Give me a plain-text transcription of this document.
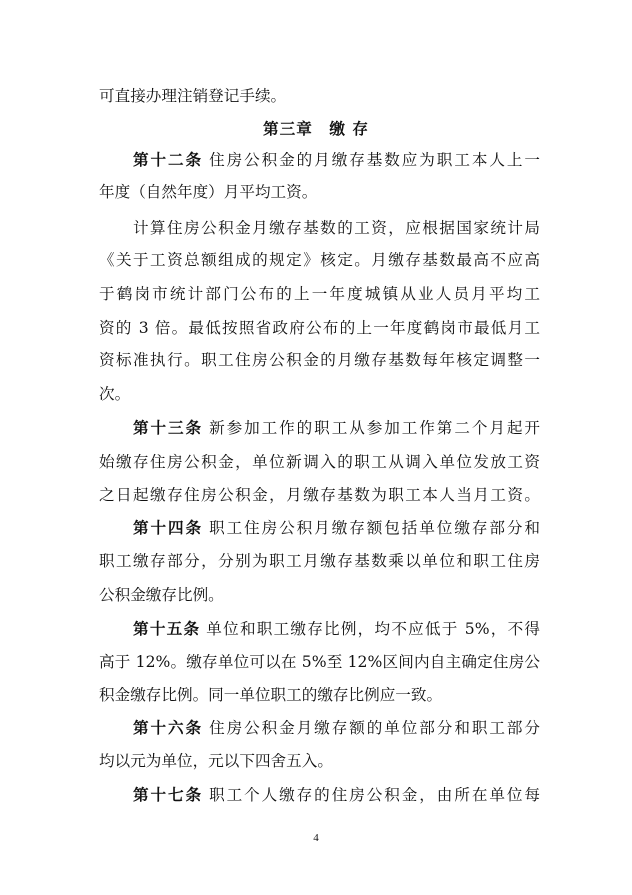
可直接办理注销登记手续。
第三章　缴 存
第十二条 住房公积金的月缴存基数应为职工本人上一
年度（自然年度）月平均工资。
计算住房公积金月缴存基数的工资，应根据国家统计局
《关于工资总额组成的规定》核定。月缴存基数最高不应高
于鹤岗市统计部门公布的上一年度城镇从业人员月平均工
资的 3 倍。最低按照省政府公布的上一年度鹤岗市最低月工
资标准执行。职工住房公积金的月缴存基数每年核定调整一
次。
第十三条 新参加工作的职工从参加工作第二个月起开
始缴存住房公积金，单位新调入的职工从调入单位发放工资
之日起缴存住房公积金，月缴存基数为职工本人当月工资。
第十四条 职工住房公积月缴存额包括单位缴存部分和
职工缴存部分，分别为职工月缴存基数乘以单位和职工住房
公积金缴存比例。
第十五条 单位和职工缴存比例，均不应低于 5%，不得
高于 12%。缴存单位可以在 5%至 12%区间内自主确定住房公
积金缴存比例。同一单位职工的缴存比例应一致。
第十六条 住房公积金月缴存额的单位部分和职工部分
均以元为单位，元以下四舍五入。
第十七条 职工个人缴存的住房公积金，由所在单位每
4
